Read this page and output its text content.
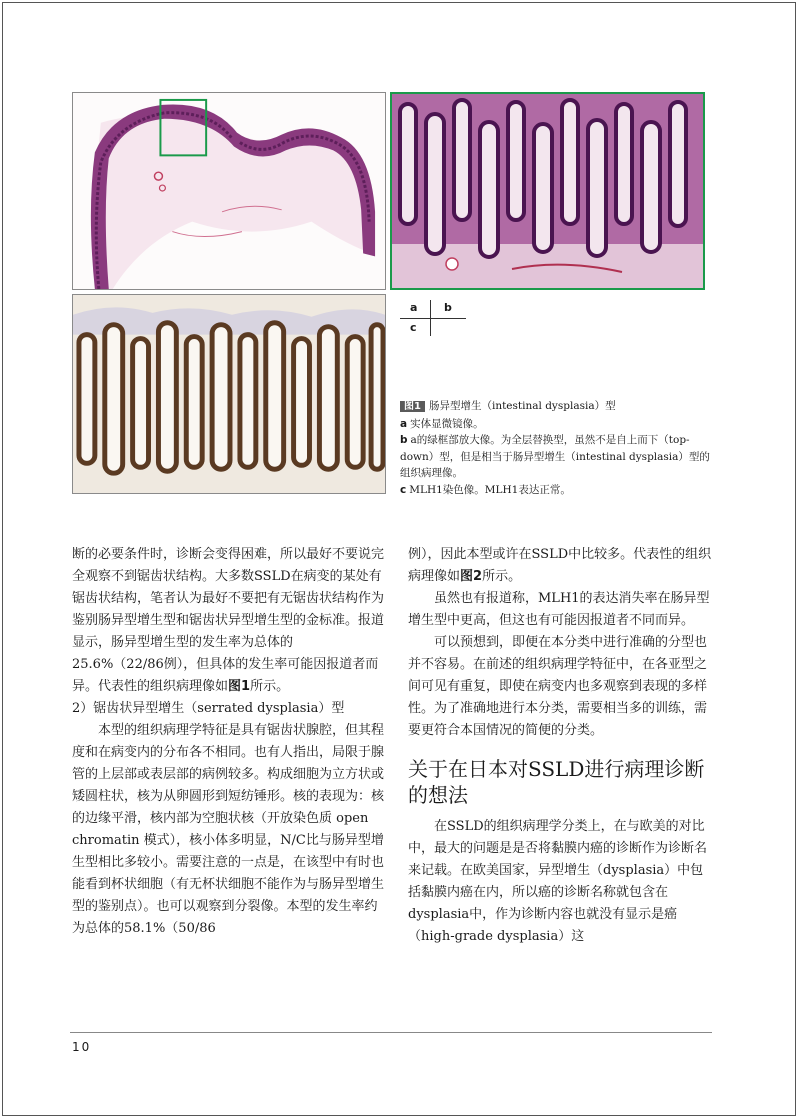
a b
c

图1 肠异型增生（intestinal dysplasia）型

a 实体显微镜像。

b a的绿框部放大像。为全层替换型，虽然不是自上而下（top-down）型，但是相当于肠异型增生（intestinal dysplasia）型的组织病理像。

c MLH1染色像。MLH1表达正常。

断的必要条件时，诊断会变得困难，所以最好不要说完全观察不到锯齿状结构。大多数SSLD在病变的某处有锯齿状结构，笔者认为最好不要把有无锯齿状结构作为鉴别肠异型增生型和锯齿状异型增生型的金标准。报道显示，肠异型增生型的发生率为总体的25.6%（22/86例），但具体的发生率可能因报道者而异。代表性的组织病理像如图1所示。

2）锯齿状异型增生（serrated dysplasia）型

本型的组织病理学特征是具有锯齿状腺腔，但其程度和在病变内的分布各不相同。也有人指出，局限于腺管的上层部或表层部的病例较多。构成细胞为立方状或矮圆柱状，核为从卵圆形到短纺锤形。核的表现为：核的边缘平滑，核内部为空胞状核（开放染色质 open chromatin 模式），核小体多明显，N/C比与肠异型增生型相比多较小。需要注意的一点是，在该型中有时也能看到杯状细胞（有无杯状细胞不能作为与肠异型增生型的鉴别点）。也可以观察到分裂像。本型的发生率约为总体的58.1%（50/86

例），因此本型或许在SSLD中比较多。代表性的组织病理像如图2所示。

虽然也有报道称，MLH1的表达消失率在肠异型增生型中更高，但这也有可能因报道者不同而异。

可以预想到，即便在本分类中进行准确的分型也并不容易。在前述的组织病理学特征中，在各亚型之间可见有重复，即使在病变内也多观察到表现的多样性。为了准确地进行本分类，需要相当多的训练，需要更符合本国情况的简便的分类。

关于在日本对SSLD进行病理诊断的想法

在SSLD的组织病理学分类上，在与欧美的对比中，最大的问题是是否将黏膜内癌的诊断作为诊断名来记载。在欧美国家，异型增生（dysplasia）中包括黏膜内癌在内，所以癌的诊断名称就包含在dysplasia中，作为诊断内容也就没有显示是癌（high-grade dysplasia）这

10
